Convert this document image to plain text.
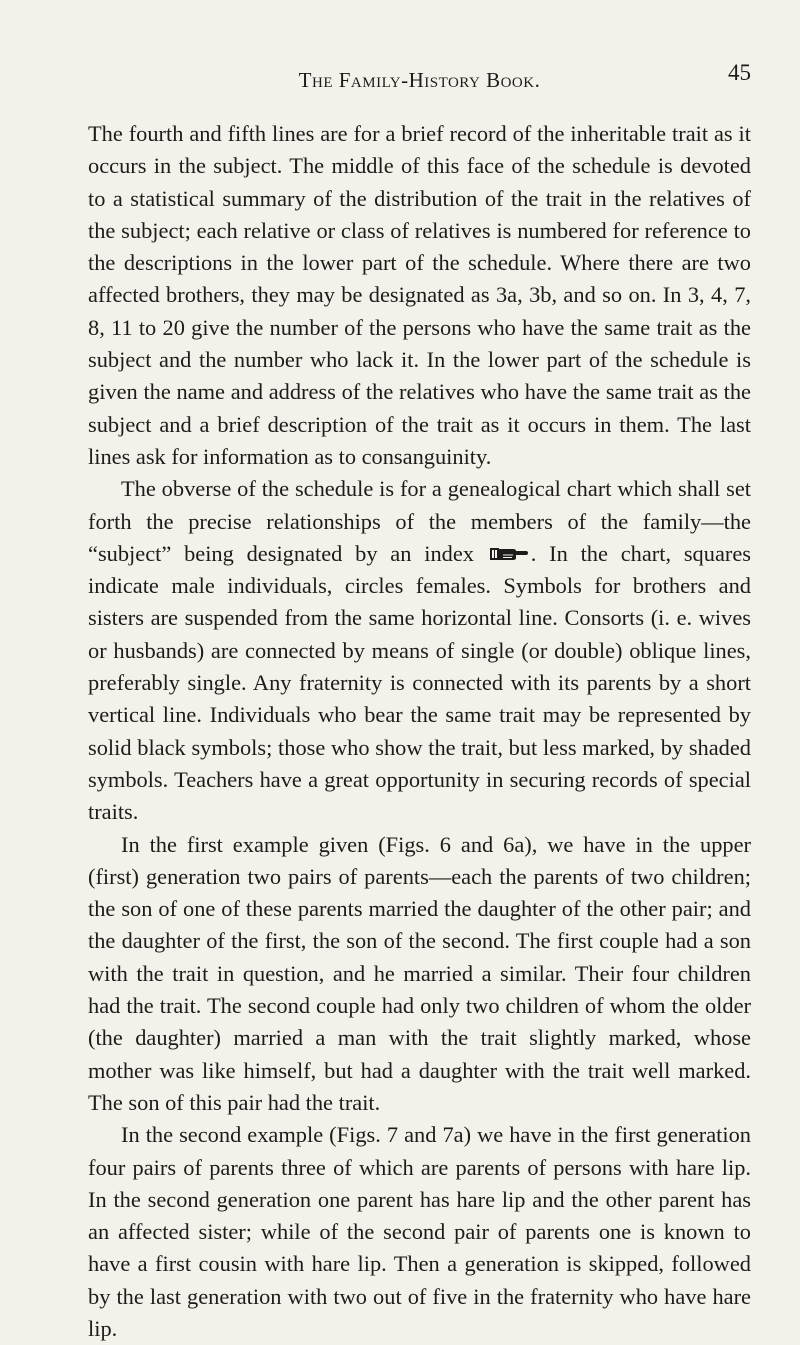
The Family-History Book.	45

The fourth and fifth lines are for a brief record of the inheritable trait as it occurs in the subject. The middle of this face of the schedule is devoted to a statistical summary of the distribution of the trait in the relatives of the subject; each relative or class of relatives is numbered for reference to the descriptions in the lower part of the schedule. Where there are two affected brothers, they may be designated as 3a, 3b, and so on. In 3, 4, 7, 8, 11 to 20 give the number of the persons who have the same trait as the subject and the number who lack it. In the lower part of the schedule is given the name and address of the relatives who have the same trait as the subject and a brief description of the trait as it occurs in them. The last lines ask for information as to consanguinity.

The obverse of the schedule is for a genealogical chart which shall set forth the precise relationships of the members of the family—the “subject” being designated by an index . In the chart, squares indicate male individuals, circles females. Symbols for brothers and sisters are suspended from the same horizontal line. Consorts (i. e. wives or husbands) are connected by means of single (or double) oblique lines, preferably single. Any fraternity is connected with its parents by a short vertical line. Individuals who bear the same trait may be represented by solid black symbols; those who show the trait, but less marked, by shaded symbols. Teachers have a great opportunity in securing records of special traits.

In the first example given (Figs. 6 and 6a), we have in the upper (first) generation two pairs of parents—each the parents of two children; the son of one of these parents married the daughter of the other pair; and the daughter of the first, the son of the second. The first couple had a son with the trait in question, and he married a similar. Their four children had the trait. The second couple had only two children of whom the older (the daughter) married a man with the trait slightly marked, whose mother was like himself, but had a daughter with the trait well marked. The son of this pair had the trait.

In the second example (Figs. 7 and 7a) we have in the first generation four pairs of parents three of which are parents of persons with hare lip. In the second generation one parent has hare lip and the other parent has an affected sister; while of the second pair of parents one is known to have a first cousin with hare lip. Then a generation is skipped, followed by the last generation with two out of five in the fraternity who have hare lip.
